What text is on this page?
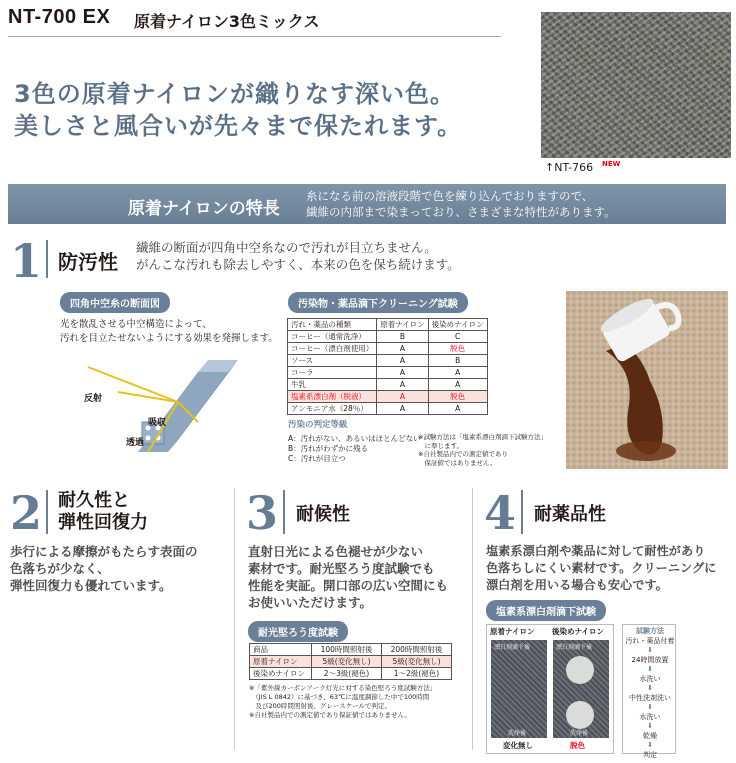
NT-700 EX 原着ナイロン3色ミックス
↑NT-766 NEW
3色の原着ナイロンが織りなす深い色。
美しさと風合いが先々まで保たれます。
原着ナイロンの特長
糸になる前の溶液段階で色を練り込んでおりますので、
繊維の内部まで染まっており、さまざまな特性があります。
1 防汚性
繊維の断面が四角中空糸なので汚れが目立ちません。
がんこな汚れも除去しやすく、本来の色を保ち続けます。
四角中空糸の断面図
光を散乱させる中空構造によって、
汚れを目立たせないようにする効果を発揮します。
反射
吸収
透過
汚染物・薬品滴下クリーニング試験
汚れ・薬品の種類	原着ナイロン	後染めナイロン
コーヒー（通常洗浄）	B	C
コーヒー（漂白剤使用）	A	脱色
ソース	A	B
コーラ	A	A
牛乳	A	A
塩素系漂白剤（脱液）	A	脱色
アンモニア水（28％）	A	A
汚染の判定等級
A：汚れがない、あるいはほとんどない
B：汚れがわずかに残る
C：汚れが目立つ
※試験方法は「塩素系漂白剤滴下試験方法」
　に準じます。
※自社製品内での測定値であり
　保証値ではありません。
2 耐久性と
弾性回復力
歩行による摩擦がもたらす表面の
色落ちが少なく、
弾性回復力も優れています。
3 耐候性
直射日光による色褪せが少ない
素材です。耐光堅ろう度試験でも
性能を実証。開口部の広い空間にも
お使いいただけます。
耐光堅ろう度試験
商品	100時間照射後	200時間照射後
原着ナイロン	5級(変化無し)	5級(変化無し)
後染めナイロン	2～3級(褪色)	1～2級(褪色)
※「紫外線カーボンアーク灯光に対する染色堅ろう度試験方法」
　（JIS L 0842）に基づき、63℃に温度調節した中で100時間
　及び200時間照射後、グレースケールで判定。
※自社製品内での測定値であり保証値ではありません。
4 耐薬品性
塩素系漂白剤や薬品に対して耐性があり
色落ちしにくい素材です。クリーニングに
漂白剤を用いる場合も安心です。
塩素系漂白剤滴下試験
原着ナイロン 後染めナイロン
漂白剤滴下後	漂白剤滴下後
洗浄後	洗浄後
変化無し	脱色
試験方法
汚れ・薬品付着
⬇
24時間放置
⬇
水洗い
⬇
中性洗剤洗い
⬇
水洗い
⬇
乾燥
⬇
判定
